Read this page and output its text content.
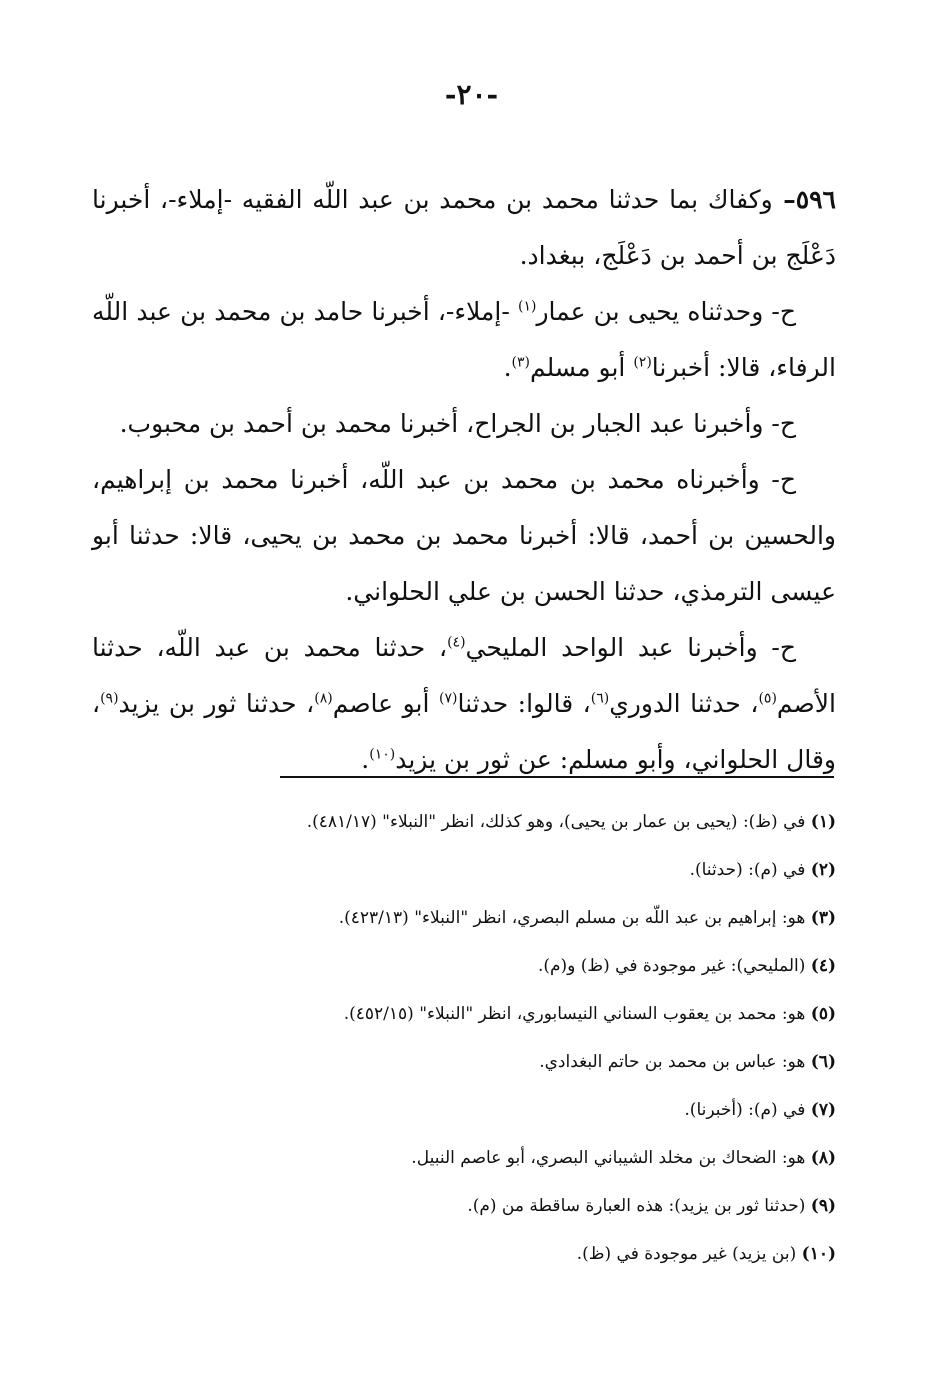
-٢٠-

٥٩٦– وكفاك بما حدثنا محمد بن محمد بن عبد اللّه الفقيه -إملاء-، أخبرنا دَعْلَج بن أحمد بن دَعْلَج، ببغداد.

ح- وحدثناه يحيى بن عمار$^{(١)}$ -إملاء-، أخبرنا حامد بن محمد بن عبد اللّه الرفاء، قالا: أخبرنا$^{(٢)}$ أبو مسلم$^{(٣)}$.

ح- وأخبرنا عبد الجبار بن الجراح، أخبرنا محمد بن أحمد بن محبوب.

ح- وأخبرناه محمد بن محمد بن عبد اللّه، أخبرنا محمد بن إبراهيم، والحسين بن أحمد، قالا: أخبرنا محمد بن محمد بن يحيى، قالا: حدثنا أبو عيسى الترمذي، حدثنا الحسن بن علي الحلواني.

ح- وأخبرنا عبد الواحد المليحي$^{(٤)}$، حدثنا محمد بن عبد اللّه، حدثنا الأصم$^{(٥)}$، حدثنا الدوري$^{(٦)}$، قالوا: حدثنا$^{(٧)}$ أبو عاصم$^{(٨)}$، حدثنا ثور بن يزيد$^{(٩)}$، وقال الحلواني، وأبو مسلم: عن ثور بن يزيد$^{(١٠)}$.

(١) في (ظ): (يحيى بن عمار بن يحيى)، وهو كذلك، انظر "النبلاء" (٤٨١/١٧).

(٢) في (م): (حدثنا).

(٣) هو: إبراهيم بن عبد اللّه بن مسلم البصري، انظر "النبلاء" (٤٢٣/١٣).

(٤) (المليحي): غير موجودة في (ظ) و(م).

(٥) هو: محمد بن يعقوب السناني النيسابوري، انظر "النبلاء" (٤٥٢/١٥).

(٦) هو: عباس بن محمد بن حاتم البغدادي.

(٧) في (م): (أخبرنا).

(٨) هو: الضحاك بن مخلد الشيباني البصري، أبو عاصم النبيل.

(٩) (حدثنا ثور بن يزيد): هذه العبارة ساقطة من (م).

(١٠) (بن يزيد) غير موجودة في (ظ).
